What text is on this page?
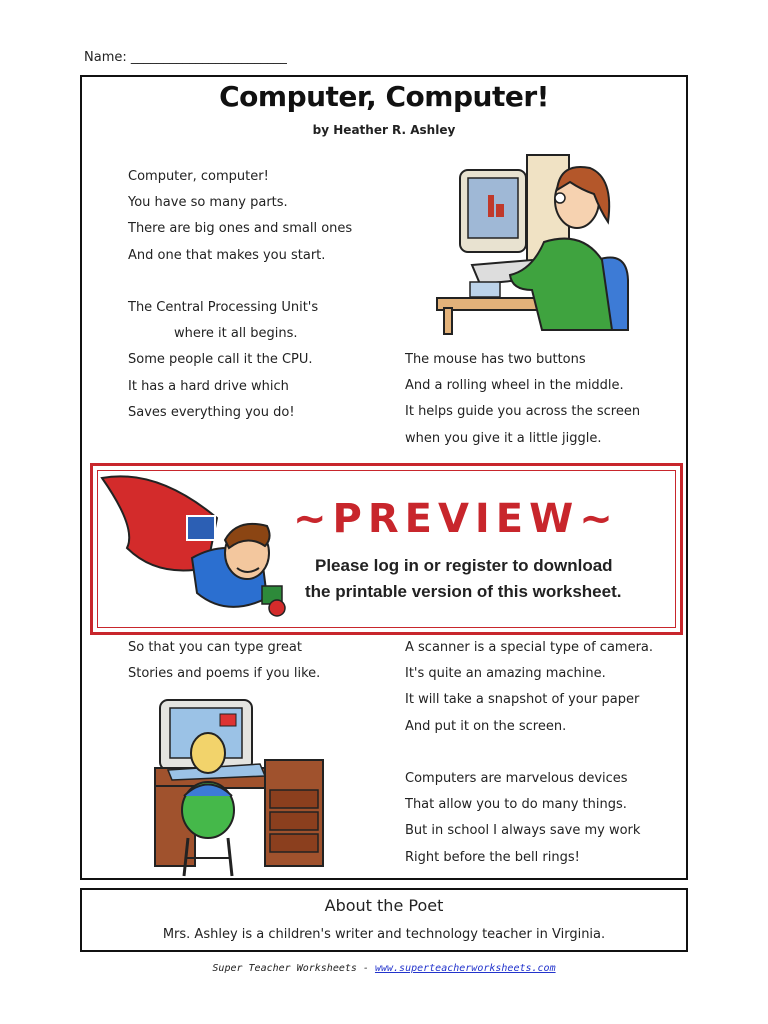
Name: ________________________
Computer, Computer!
by Heather R. Ashley
Computer, computer!
You have so many parts.
There are big ones and small ones
And one that makes you start.
The Central Processing Unit's
where it all begins.
Some people call it the CPU.
It has a hard drive which
Saves everything you do!
The mouse has two buttons
And a rolling wheel in the middle.
It helps guide you across the screen
when you give it a little jiggle.
~PREVIEW~
Please log in or register to download
the printable version of this worksheet.
So that you can type great
Stories and poems if you like.
A scanner is a special type of camera.
It's quite an amazing machine.
It will take a snapshot of your paper
And put it on the screen.
Computers are marvelous devices
That allow you to do many things.
But in school I always save my work
Right before the bell rings!
About the Poet
Mrs. Ashley is a children's writer and technology teacher in Virginia.
Super Teacher Worksheets - www.superteacherworksheets.com
